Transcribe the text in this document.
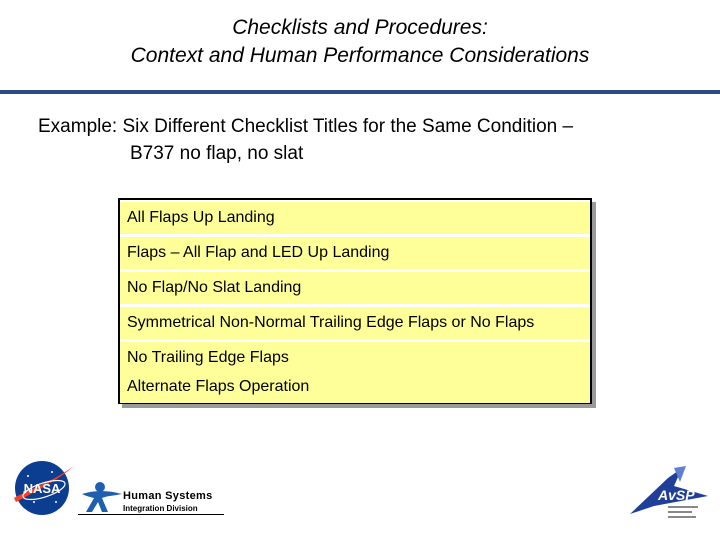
Checklists and Procedures:
Context and Human Performance Considerations
Example: Six Different Checklist Titles for the Same Condition –
B737 no flap, no slat
All Flaps Up Landing
Flaps – All Flap and LED Up Landing
No Flap/No Slat Landing
Symmetrical Non-Normal Trailing Edge Flaps or No Flaps
No Trailing Edge Flaps
Alternate Flaps Operation
NASA	Human Systems
Integration Division
AvSP
